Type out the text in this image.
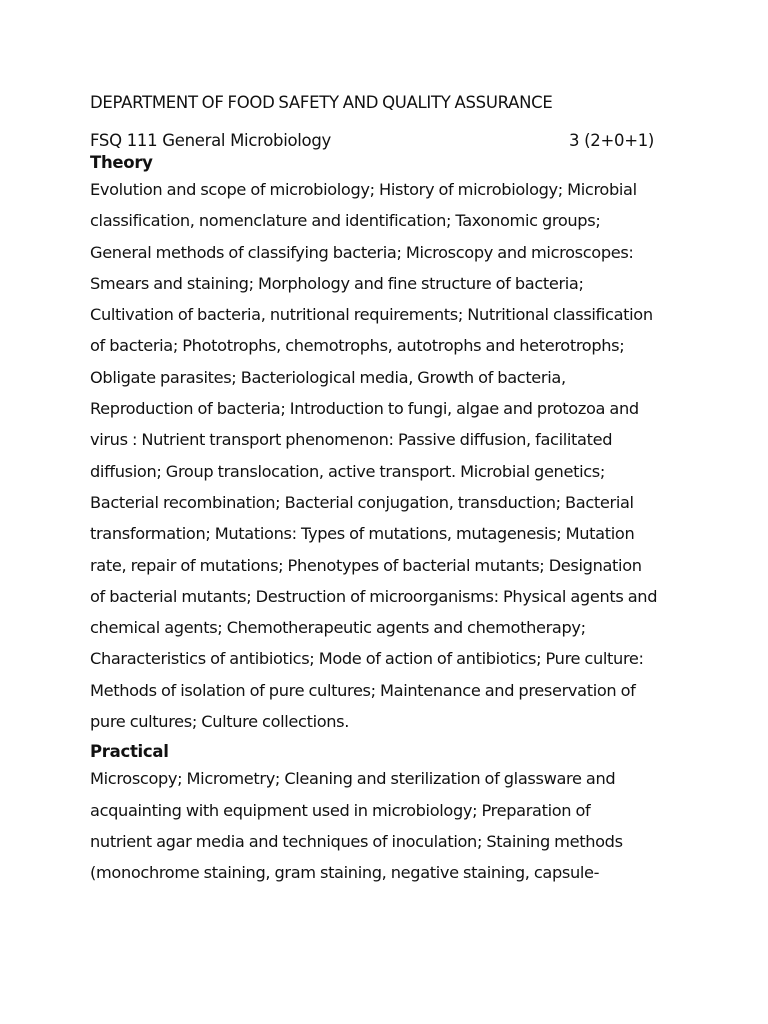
DEPARTMENT OF FOOD SAFETY AND QUALITY ASSURANCE
FSQ 111 General Microbiology	3 (2+0+1)
Theory

Evolution and scope of microbiology; History of microbiology; Microbial
classification, nomenclature and identification; Taxonomic groups;
General methods of classifying bacteria; Microscopy and microscopes:
Smears and staining; Morphology and fine structure of bacteria;
Cultivation of bacteria, nutritional requirements; Nutritional classification
of bacteria; Phototrophs, chemotrophs, autotrophs and heterotrophs;
Obligate parasites; Bacteriological media, Growth of bacteria,
Reproduction of bacteria; Introduction to fungi, algae and protozoa and
virus : Nutrient transport phenomenon: Passive diffusion, facilitated
diffusion; Group translocation, active transport. Microbial genetics;
Bacterial recombination; Bacterial conjugation, transduction; Bacterial
transformation; Mutations: Types of mutations, mutagenesis; Mutation
rate, repair of mutations; Phenotypes of bacterial mutants; Designation
of bacterial mutants; Destruction of microorganisms: Physical agents and
chemical agents; Chemotherapeutic agents and chemotherapy;
Characteristics of antibiotics; Mode of action of antibiotics; Pure culture:
Methods of isolation of pure cultures; Maintenance and preservation of
pure cultures; Culture collections.

Practical

Microscopy; Micrometry; Cleaning and sterilization of glassware and
acquainting with equipment used in microbiology; Preparation of
nutrient agar media and techniques of inoculation; Staining methods
(monochrome staining, gram staining, negative staining, capsule-
